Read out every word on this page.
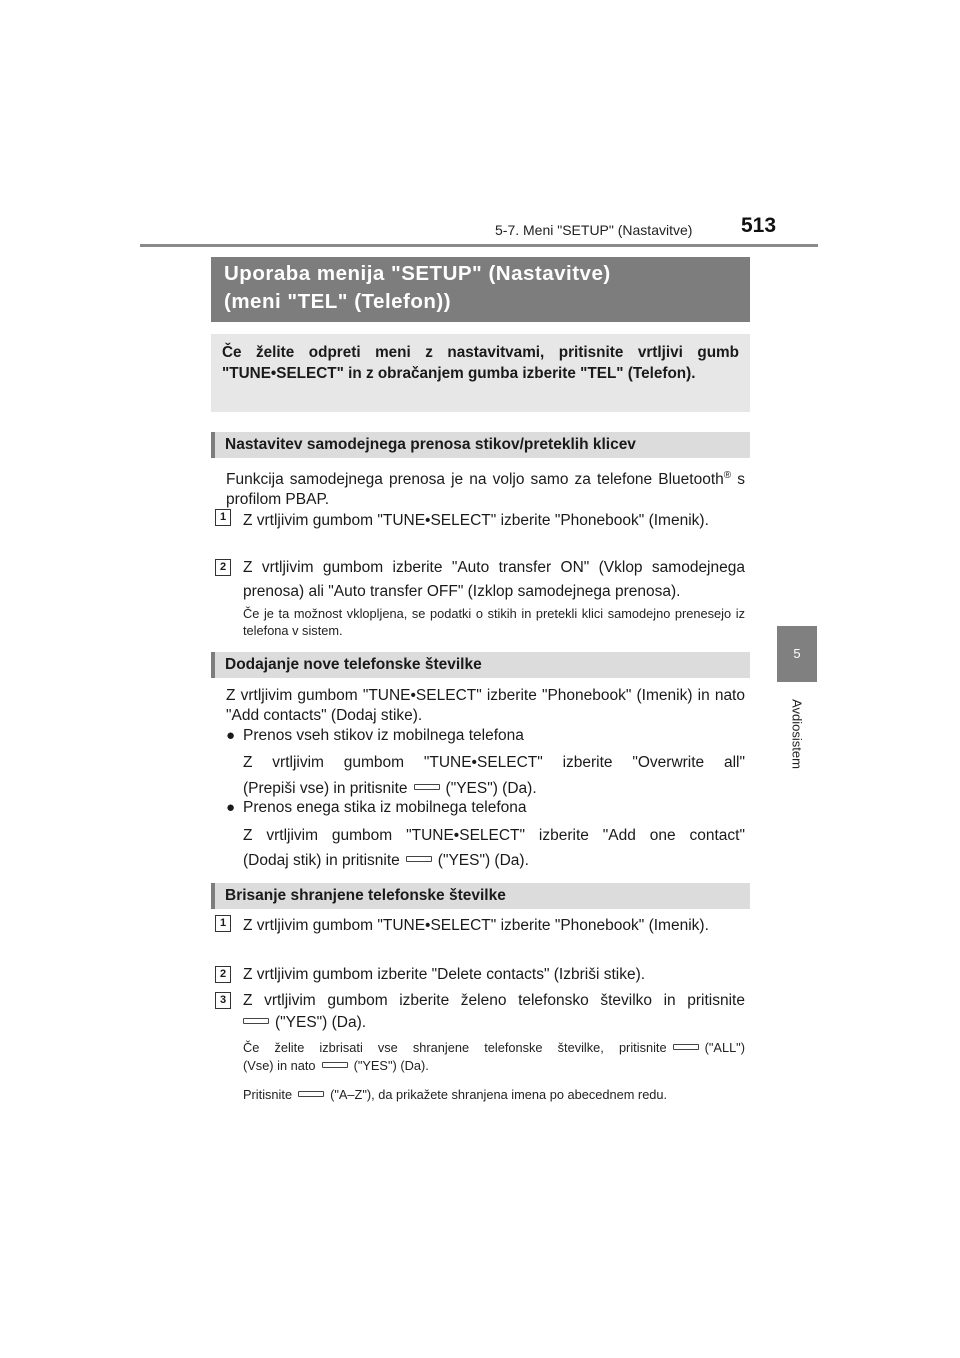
5-7. Meni "SETUP" (Nastavitve) 513
5
Avdiosistem
Uporaba menija "SETUP" (Nastavitve)
(meni "TEL" (Telefon))
Če želite odpreti meni z nastavitvami, pritisnite vrtljivi gumb "TUNE•SELECT" in z obračanjem gumba izberite "TEL" (Telefon).
Nastavitev samodejnega prenosa stikov/preteklih klicev
Funkcija samodejnega prenosa je na voljo samo za telefone Bluetooth® s profilom PBAP.
1	Z vrtljivim gumbom "TUNE•SELECT" izberite "Phonebook" (Imenik).
2	Z vrtljivim gumbom izberite "Auto transfer ON" (Vklop samodejnega prenosa) ali "Auto transfer OFF" (Izklop samodejnega prenosa).
Če je ta možnost vklopljena, se podatki o stikih in pretekli klici samodejno prenesejo iz telefona v sistem.
Dodajanje nove telefonske številke
Z vrtljivim gumbom "TUNE•SELECT" izberite "Phonebook" (Imenik) in nato "Add contacts" (Dodaj stike).
● Prenos vseh stikov iz mobilnega telefona
Z vrtljivim gumbom "TUNE•SELECT" izberite "Overwrite all"
(Prepiši vse) in pritisnite ("YES") (Da).
● Prenos enega stika iz mobilnega telefona
Z vrtljivim gumbom "TUNE•SELECT" izberite "Add one contact"
(Dodaj stik) in pritisnite ("YES") (Da).
Brisanje shranjene telefonske številke
1	Z vrtljivim gumbom "TUNE•SELECT" izberite "Phonebook" (Imenik).
2	Z vrtljivim gumbom izberite "Delete contacts" (Izbriši stike).
3	Z vrtljivim gumbom izberite želeno telefonsko številko in pritisnite
("YES") (Da).
Če želite izbrisati vse shranjene telefonske številke, pritisnite	("ALL")
(Vse) in nato	("YES") (Da).
Pritisnite	("A–Z"), da prikažete shranjena imena po abecednem redu.
